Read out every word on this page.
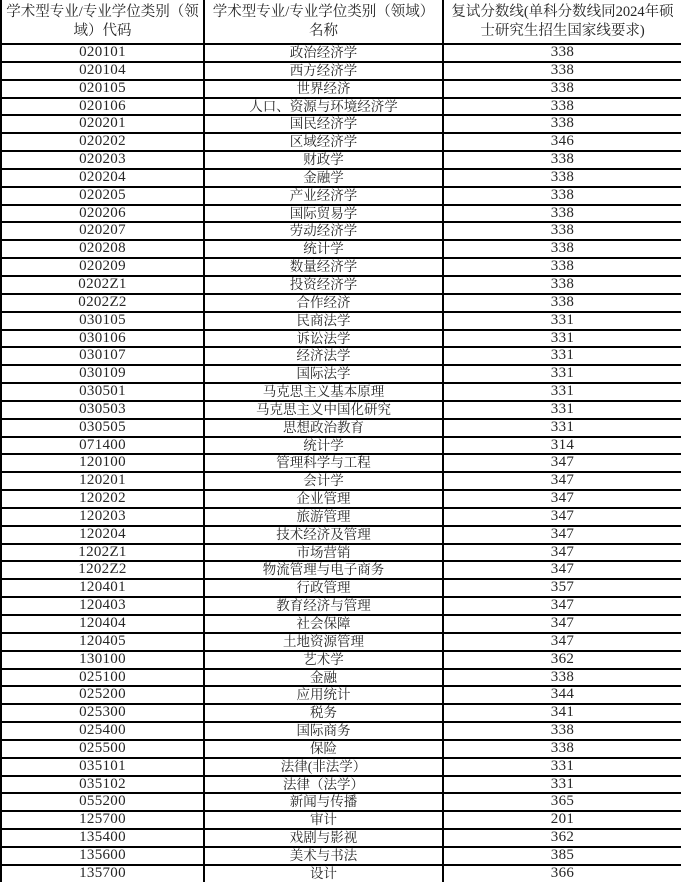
学术型专业/专业学位类别（领域）代码	学术型专业/专业学位类别（领域）名称	复试分数线(单科分数线同2024年硕士研究生招生国家线要求)
020101	政治经济学	338
020104	西方经济学	338
020105	世界经济	338
020106	人口、资源与环境经济学	338
020201	国民经济学	338
020202	区域经济学	346
020203	财政学	338
020204	金融学	338
020205	产业经济学	338
020206	国际贸易学	338
020207	劳动经济学	338
020208	统计学	338
020209	数量经济学	338
0202Z1	投资经济学	338
0202Z2	合作经济	338
030105	民商法学	331
030106	诉讼法学	331
030107	经济法学	331
030109	国际法学	331
030501	马克思主义基本原理	331
030503	马克思主义中国化研究	331
030505	思想政治教育	331
071400	统计学	314
120100	管理科学与工程	347
120201	会计学	347
120202	企业管理	347
120203	旅游管理	347
120204	技术经济及管理	347
1202Z1	市场营销	347
1202Z2	物流管理与电子商务	347
120401	行政管理	357
120403	教育经济与管理	347
120404	社会保障	347
120405	土地资源管理	347
130100	艺术学	362
025100	金融	338
025200	应用统计	344
025300	税务	341
025400	国际商务	338
025500	保险	338
035101	法律(非法学）	331
035102	法律（法学）	331
055200	新闻与传播	365
125700	审计	201
135400	戏剧与影视	362
135600	美术与书法	385
135700	设计	366
